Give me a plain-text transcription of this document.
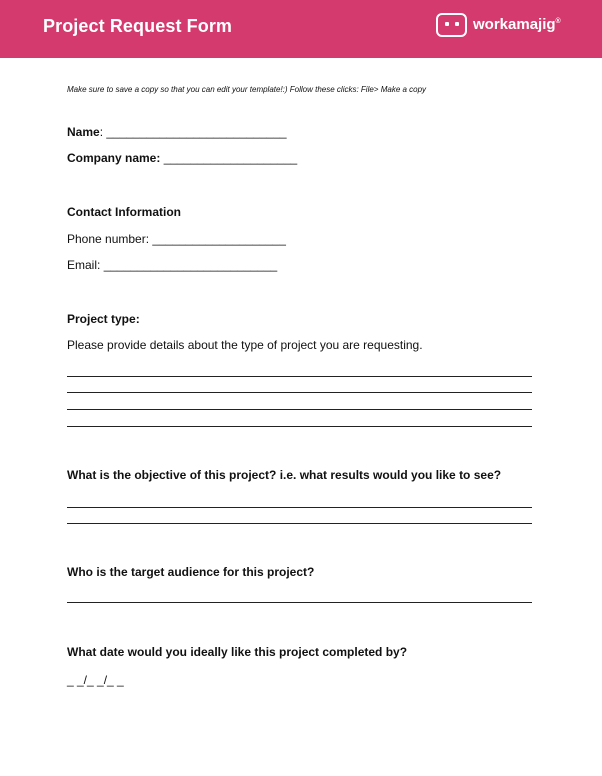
Project Request Form	workamajig®
Make sure to save a copy so that you can edit your template!:) Follow these clicks: File> Make a copy
Name: ___________________________
Company name: ____________________
Contact Information
Phone number: ____________________
Email: __________________________
Project type:
Please provide details about the type of project you are requesting.
What is the objective of this project? i.e. what results would you like to see?
Who is the target audience for this project?
What date would you ideally like this project completed by?
_ _/_ _/_ _
